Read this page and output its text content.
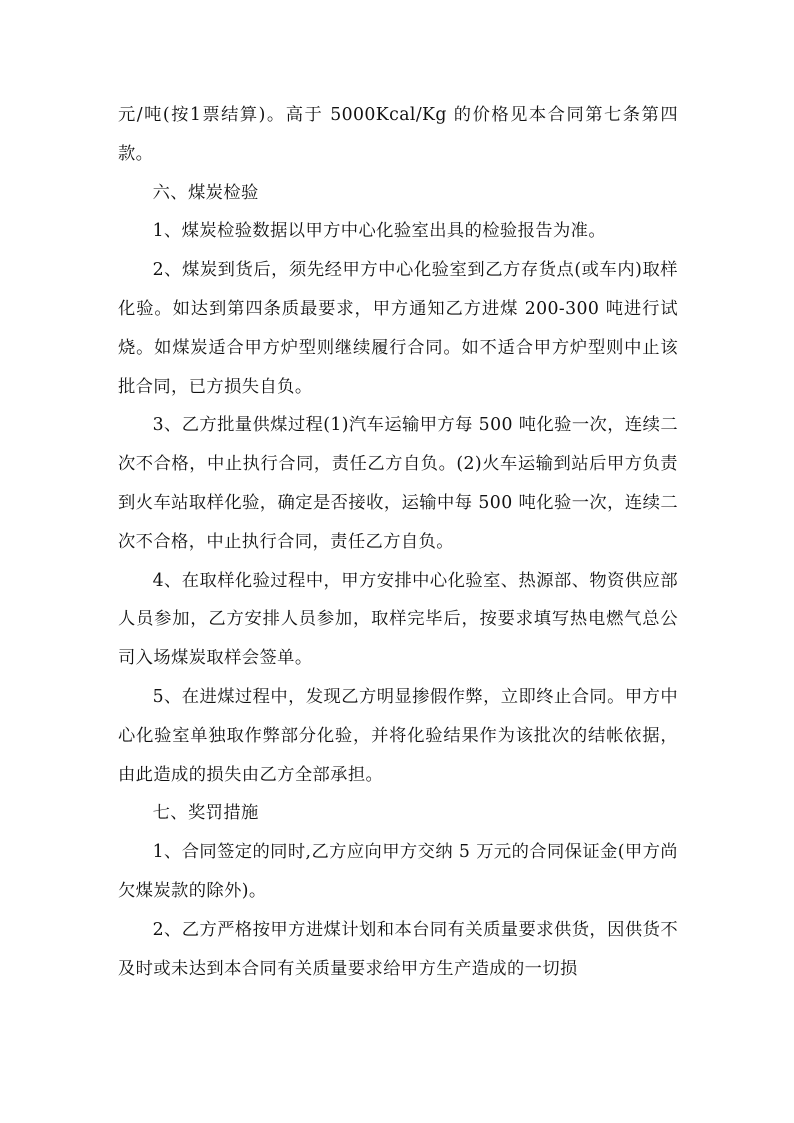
元/吨(按1票结算)。高于 5000Kcal/Kg 的价格见本合同第七条第四款。

六、煤炭检验

1、煤炭检验数据以甲方中心化验室出具的检验报告为准。

2、煤炭到货后，须先经甲方中心化验室到乙方存货点(或车内)取样化验。如达到第四条质最要求，甲方通知乙方进煤 200-300 吨进行试烧。如煤炭适合甲方炉型则继续履行合同。如不适合甲方炉型则中止该批合同，已方损失自负。

3、乙方批量供煤过程(1)汽车运输甲方每 500 吨化验一次，连续二次不合格，中止执行合同，责任乙方自负。(2)火车运输到站后甲方负责到火车站取样化验，确定是否接收，运输中每 500 吨化验一次，连续二次不合格，中止执行合同，责任乙方自负。

4、在取样化验过程中，甲方安排中心化验室、热源部、物资供应部人员参加，乙方安排人员参加，取样完毕后，按要求填写热电燃气总公司入场煤炭取样会签单。

5、在进煤过程中，发现乙方明显掺假作弊，立即终止合同。甲方中心化验室单独取作弊部分化验，并将化验结果作为该批次的结帐依据，由此造成的损失由乙方全部承担。

七、奖罚措施

1、合同签定的同时,乙方应向甲方交纳 5 万元的合同保证金(甲方尚欠煤炭款的除外)。

2、乙方严格按甲方进煤计划和本台同有关质量要求供货，因供货不及时或未达到本合同有关质量要求给甲方生产造成的一切损
